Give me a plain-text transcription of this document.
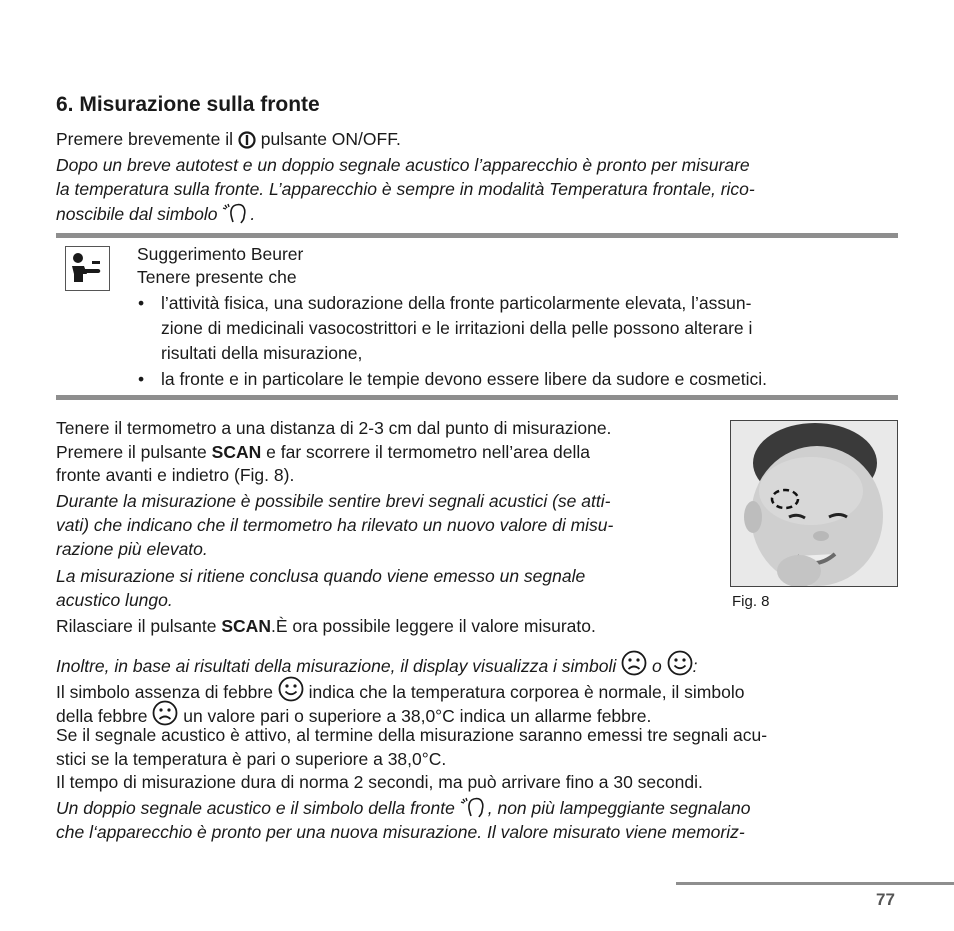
6. Misurazione sulla fronte
Premere brevemente il pulsante ON/OFF.
Dopo un breve autotest e un doppio segnale acustico l’apparecchio è pronto per misurare
la temperatura sulla fronte. L’apparecchio è sempre in modalità Temperatura frontale, rico-
noscibile dal simbolo .
Suggerimento Beurer
Tenere presente che
• l’attività fisica, una sudorazione della fronte particolarmente elevata, l’assun-
zione di medicinali vasocostrittori e le irritazioni della pelle possono alterare i
risultati della misurazione,
• la fronte e in particolare le tempie devono essere libere da sudore e cosmetici.
Tenere il termometro a una distanza di 2-3 cm dal punto di misurazione.
Premere il pulsante SCAN e far scorrere il termometro nell’area della
fronte avanti e indietro (Fig. 8).
Durante la misurazione è possibile sentire brevi segnali acustici (se atti-
vati) che indicano che il termometro ha rilevato un nuovo valore di misu-
razione più elevato.
La misurazione si ritiene conclusa quando viene emesso un segnale
acustico lungo.
Rilasciare il pulsante SCAN.È ora possibile leggere il valore misurato.
Inoltre, in base ai risultati della misurazione, il display visualizza i simboli o :
Il simbolo assenza di febbre indica che la temperatura corporea è normale, il simbolo
della febbre un valore pari o superiore a 38,0°C indica un allarme febbre.
Se il segnale acustico è attivo, al termine della misurazione saranno emessi tre segnali acu-
stici se la temperatura è pari o superiore a 38,0°C.
Il tempo di misurazione dura di norma 2 secondi, ma può arrivare fino a 30 secondi.
Un doppio segnale acustico e il simbolo della fronte , non più lampeggiante segnalano
che l‘apparecchio è pronto per una nuova misurazione. Il valore misurato viene memoriz-
Fig. 8
77
